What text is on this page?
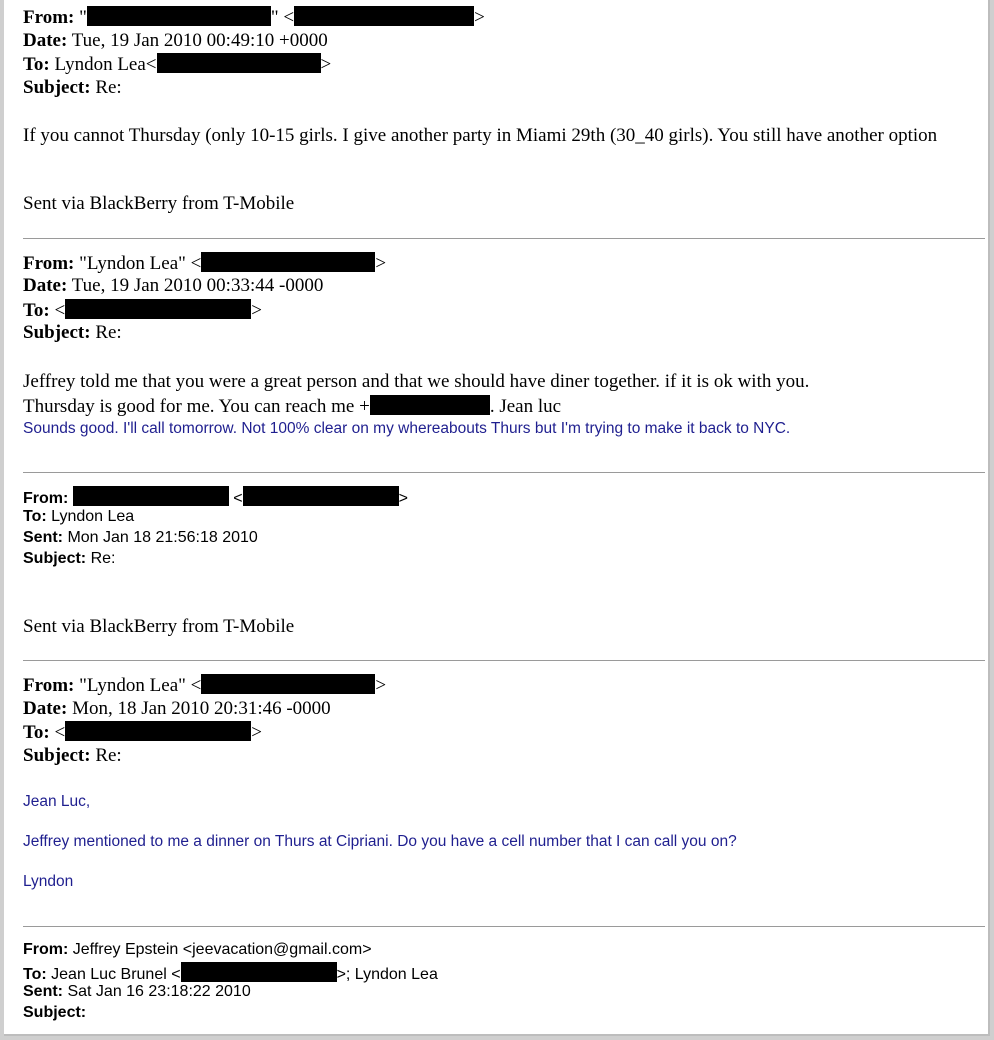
From: "	" <	>
Date: Tue, 19 Jan 2010 00:49:10 +0000
To: Lyndon Lea<	>
Subject: Re:
If you cannot Thursday (only 10-15 girls. I give another party in Miami 29th (30_40 girls). You still have another option
Sent via BlackBerry from T-Mobile
From: "Lyndon Lea" <	>
Date: Tue, 19 Jan 2010 00:33:44 -0000
To: <	>
Subject: Re:
Jeffrey told me that you were a great person and that we should have diner together. if it is ok with you.
Thursday is good for me. You can reach me +	. Jean luc
Sounds good. I'll call tomorrow. Not 100% clear on my whereabouts Thurs but I'm trying to make it back to NYC.
From:	<	>
To: Lyndon Lea
Sent: Mon Jan 18 21:56:18 2010
Subject: Re:
Sent via BlackBerry from T-Mobile
From: "Lyndon Lea" <	>
Date: Mon, 18 Jan 2010 20:31:46 -0000
To: <	>
Subject: Re:
Jean Luc,
Jeffrey mentioned to me a dinner on Thurs at Cipriani. Do you have a cell number that I can call you on?
Lyndon
From: Jeffrey Epstein <jeevacation@gmail.com>
To: Jean Luc Brunel <	>; Lyndon Lea
Sent: Sat Jan 16 23:18:22 2010
Subject:
